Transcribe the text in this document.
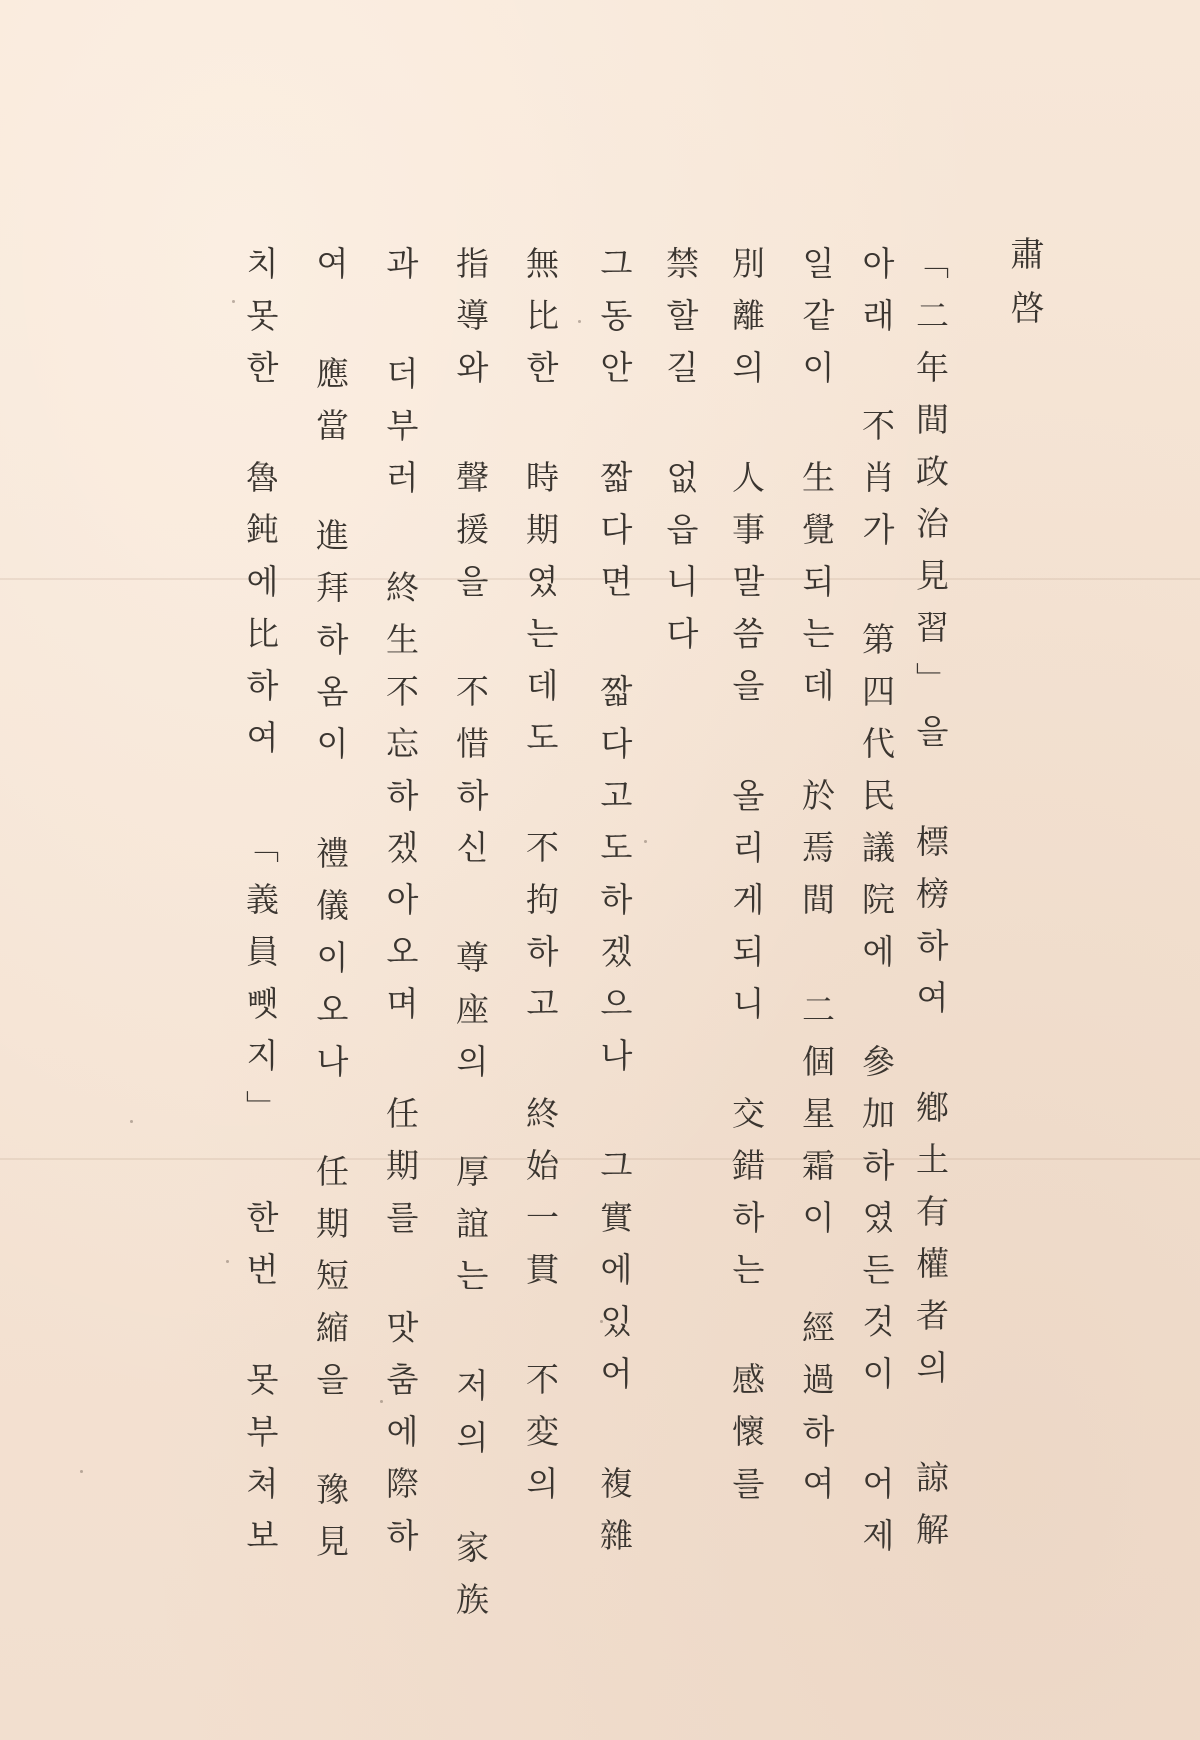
肅啓
「二年間政治見習」을 標榜하여 鄕土有權者의 諒解
아래 不肖가 第四代民議院에 參加하였든것이 어제
일같이 生覺되는데 於焉間 二個星霜이 經過하여
別離의 人事말씀을 올리게되니 交錯하는 感懷를
禁할길 없읍니다
그동안 짧다면 짧다고도하겠으나 그實에있어 複雜
無比한 時期였는데도 不拘하고 終始一貫 不変의
指導와 聲援을 不惜하신 尊座의 厚誼는 저의 家族
과 더부러 終生不忘하겠아오며 任期를 맛춤에際하
여 應當 進拜하옴이 禮儀이오나 任期短縮을 豫見
치못한 魯鈍에比하여 「義員뺏지」 한번 못부쳐보
